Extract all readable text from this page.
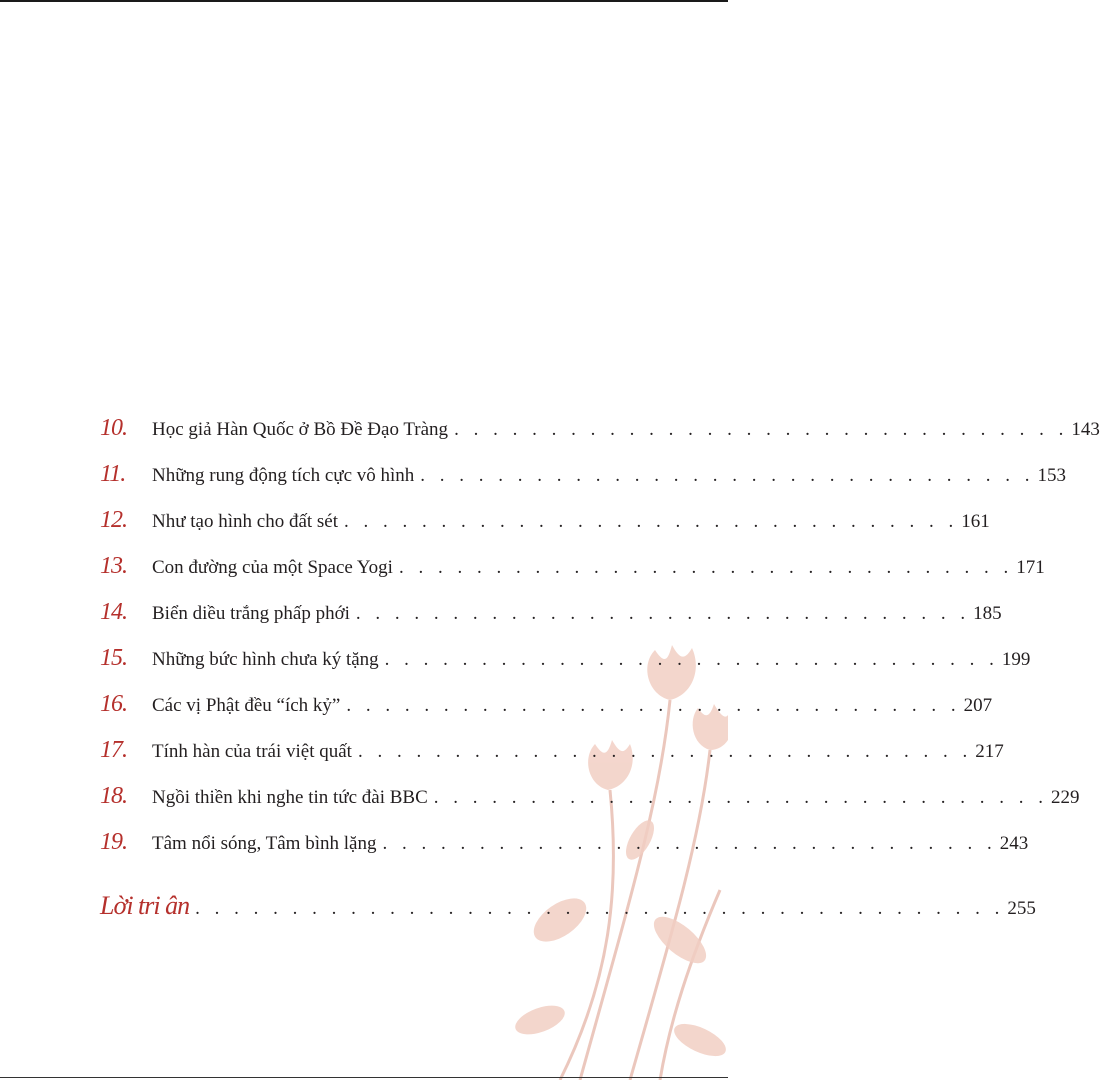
10.	Học giả Hàn Quốc ở Bồ Đề Đạo Tràng . . . . . . . . . . . . . . . . . . . . . . . . . . . . . . . . 143
11.	Những rung động tích cực vô hình . . . . . . . . . . . . . . . . . . . . . . . . . . . . . . . . 153
12.	Như tạo hình cho đất sét . . . . . . . . . . . . . . . . . . . . . . . . . . . . . . . . 161
13.	Con đường của một Space Yogi . . . . . . . . . . . . . . . . . . . . . . . . . . . . . . . . 171
14.	Biển diều trắng phấp phới . . . . . . . . . . . . . . . . . . . . . . . . . . . . . . . . 185
15.	Những bức hình chưa ký tặng . . . . . . . . . . . . . . . . . . . . . . . . . . . . . . . . 199
16.	Các vị Phật đều “ích kỷ” . . . . . . . . . . . . . . . . . . . . . . . . . . . . . . . . 207
17.	Tính hàn của trái việt quất . . . . . . . . . . . . . . . . . . . . . . . . . . . . . . . . 217
18.	Ngồi thiền khi nghe tin tức đài BBC . . . . . . . . . . . . . . . . . . . . . . . . . . . . . . . . 229
19.	Tâm nổi sóng, Tâm bình lặng . . . . . . . . . . . . . . . . . . . . . . . . . . . . . . . . 243
Lời tri ân . . . . . . . . . . . . . . . . . . . . . . . . . . . . . . . . . . . . . . . . . . 255
